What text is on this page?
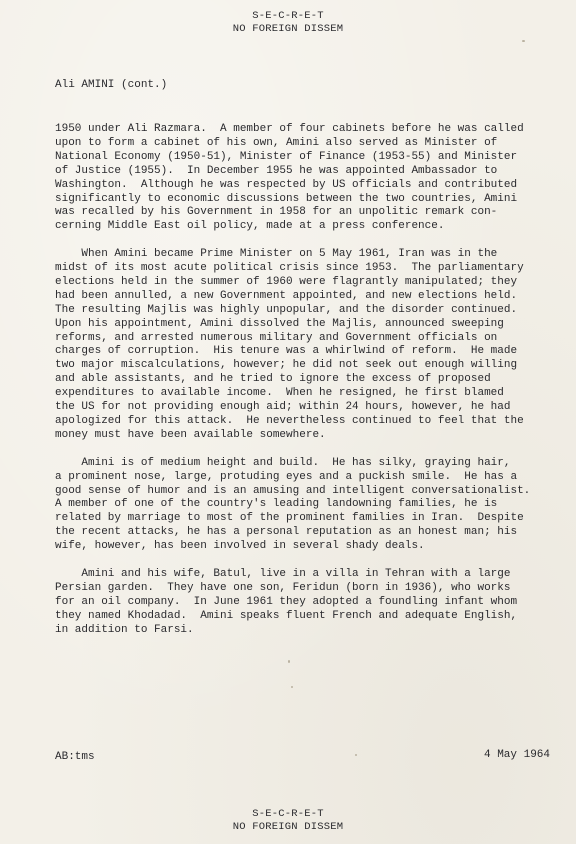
S-E-C-R-E-T
NO FOREIGN DISSEM
Ali AMINI (cont.)

1950 under Ali Razmara.  A member of four cabinets before he was called
upon to form a cabinet of his own, Amini also served as Minister of
National Economy (1950-51), Minister of Finance (1953-55) and Minister
of Justice (1955).  In December 1955 he was appointed Ambassador to
Washington.  Although he was respected by US officials and contributed
significantly to economic discussions between the two countries, Amini
was recalled by his Government in 1958 for an unpolitic remark con-
cerning Middle East oil policy, made at a press conference.

When Amini became Prime Minister on 5 May 1961, Iran was in the
midst of its most acute political crisis since 1953.  The parliamentary
elections held in the summer of 1960 were flagrantly manipulated; they
had been annulled, a new Government appointed, and new elections held.
The resulting Majlis was highly unpopular, and the disorder continued.
Upon his appointment, Amini dissolved the Majlis, announced sweeping
reforms, and arrested numerous military and Government officials on
charges of corruption.  His tenure was a whirlwind of reform.  He made
two major miscalculations, however; he did not seek out enough willing
and able assistants, and he tried to ignore the excess of proposed
expenditures to available income.  When he resigned, he first blamed
the US for not providing enough aid; within 24 hours, however, he had
apologized for this attack.  He nevertheless continued to feel that the
money must have been available somewhere.

Amini is of medium height and build.  He has silky, graying hair,
a prominent nose, large, protuding eyes and a puckish smile.  He has a
good sense of humor and is an amusing and intelligent conversationalist.
A member of one of the country's leading landowning families, he is
related by marriage to most of the prominent families in Iran.  Despite
the recent attacks, he has a personal reputation as an honest man; his
wife, however, has been involved in several shady deals.

Amini and his wife, Batul, live in a villa in Tehran with a large
Persian garden.  They have one son, Feridun (born in 1936), who works
for an oil company.  In June 1961 they adopted a foundling infant whom
they named Khodadad.  Amini speaks fluent French and adequate English,
in addition to Farsi.

AB:tms	4 May 1964
S-E-C-R-E-T
NO FOREIGN DISSEM
